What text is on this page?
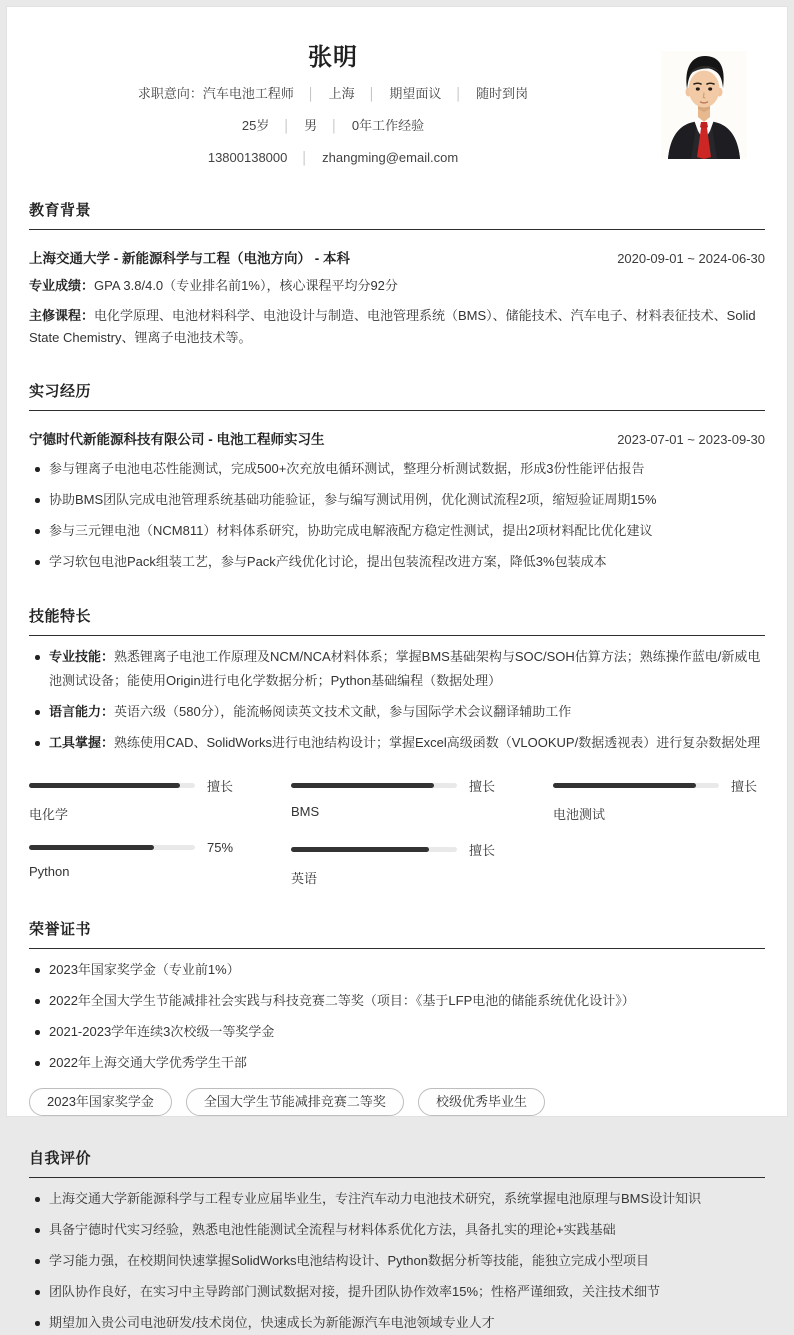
张明
求职意向：汽车电池工程师 │ 上海 │ 期望面议 │ 随时到岗
25岁 │ 男 │ 0年工作经验
13800138000 │ zhangming@email.com
教育背景
上海交通大学 - 新能源科学与工程（电池方向） - 本科	2020-09-01 ~ 2024-06-30
专业成绩：GPA 3.8/4.0（专业排名前1%），核心课程平均分92分
主修课程：电化学原理、电池材料科学、电池设计与制造、电池管理系统（BMS）、储能技术、汽车电子、材料表征技术、Solid State Chemistry、锂离子电池技术等。
实习经历
宁德时代新能源科技有限公司 - 电池工程师实习生	2023-07-01 ~ 2023-09-30
参与锂离子电池电芯性能测试，完成500+次充放电循环测试，整理分析测试数据，形成3份性能评估报告
协助BMS团队完成电池管理系统基础功能验证，参与编写测试用例，优化测试流程2项，缩短验证周期15%
参与三元锂电池（NCM811）材料体系研究，协助完成电解液配方稳定性测试，提出2项材料配比优化建议
学习软包电池Pack组装工艺，参与Pack产线优化讨论，提出包装流程改进方案，降低3%包装成本
技能特长
专业技能：熟悉锂离子电池工作原理及NCM/NCA材料体系；掌握BMS基础架构与SOC/SOH估算方法；熟练操作蓝电/新威电池测试设备；能使用Origin进行电化学数据分析；Python基础编程（数据处理）
语言能力：英语六级（580分），能流畅阅读英文技术文献，参与国际学术会议翻译辅助工作
工具掌握：熟练使用CAD、SolidWorks进行电池结构设计；掌握Excel高级函数（VLOOKUP/数据透视表）进行复杂数据处理
擅长
电化学
擅长
BMS
擅长
电池测试
75%
Python
擅长
英语
荣誉证书
2023年国家奖学金（专业前1%）
2022年全国大学生节能减排社会实践与科技竞赛二等奖（项目：《基于LFP电池的储能系统优化设计》）
2021-2023学年连续3次校级一等奖学金
2022年上海交通大学优秀学生干部
2023年国家奖学金	全国大学生节能减排竞赛二等奖	校级优秀毕业生
自我评价
上海交通大学新能源科学与工程专业应届毕业生，专注汽车动力电池技术研究，系统掌握电池原理与BMS设计知识
具备宁德时代实习经验，熟悉电池性能测试全流程与材料体系优化方法，具备扎实的理论+实践基础
学习能力强，在校期间快速掌握SolidWorks电池结构设计、Python数据分析等技能，能独立完成小型项目
团队协作良好，在实习中主导跨部门测试数据对接，提升团队协作效率15%；性格严谨细致，关注技术细节
期望加入贵公司电池研发/技术岗位，快速成长为新能源汽车电池领域专业人才
